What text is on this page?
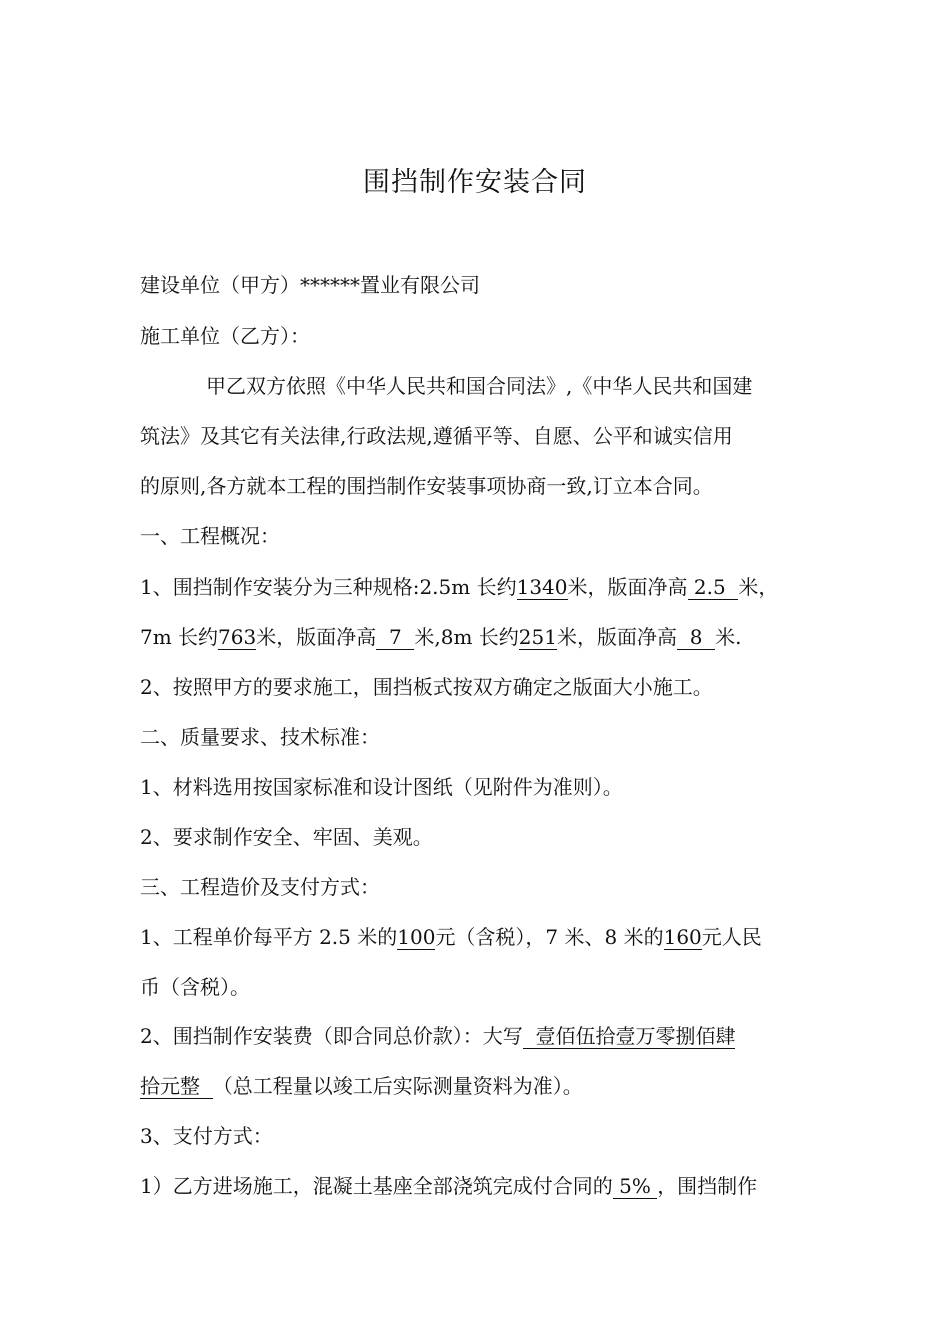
围挡制作安装合同
建设单位（甲方）******置业有限公司
施工单位（乙方）：
甲乙双方依照《中华人民共和国合同法》,《中华人民共和国建
筑法》及其它有关法律,行政法规,遵循平等、自愿、公平和诚实信用
的原则,各方就本工程的围挡制作安装事项协商一致,订立本合同。
一、工程概况：
1、围挡制作安装分为三种规格:2.5m 长约1340米，版面净高 2.5  米，
7m 长约763米，版面净高  7  米,8m 长约251米，版面净高  8  米.
2、按照甲方的要求施工，围挡板式按双方确定之版面大小施工。
二、质量要求、技术标准：
1、材料选用按国家标准和设计图纸（见附件为准则）。
2、要求制作安全、牢固、美观。
三、工程造价及支付方式：
1、工程单价每平方 2.5 米的100元（含税），7 米、8 米的160元人民
币（含税）。
2、围挡制作安装费（即合同总价款）：大写  壹佰伍拾壹万零捌佰肆
拾元整  （总工程量以竣工后实际测量资料为准）。
3、支付方式：
1）乙方进场施工，混凝土基座全部浇筑完成付合同的 5% ，围挡制作
